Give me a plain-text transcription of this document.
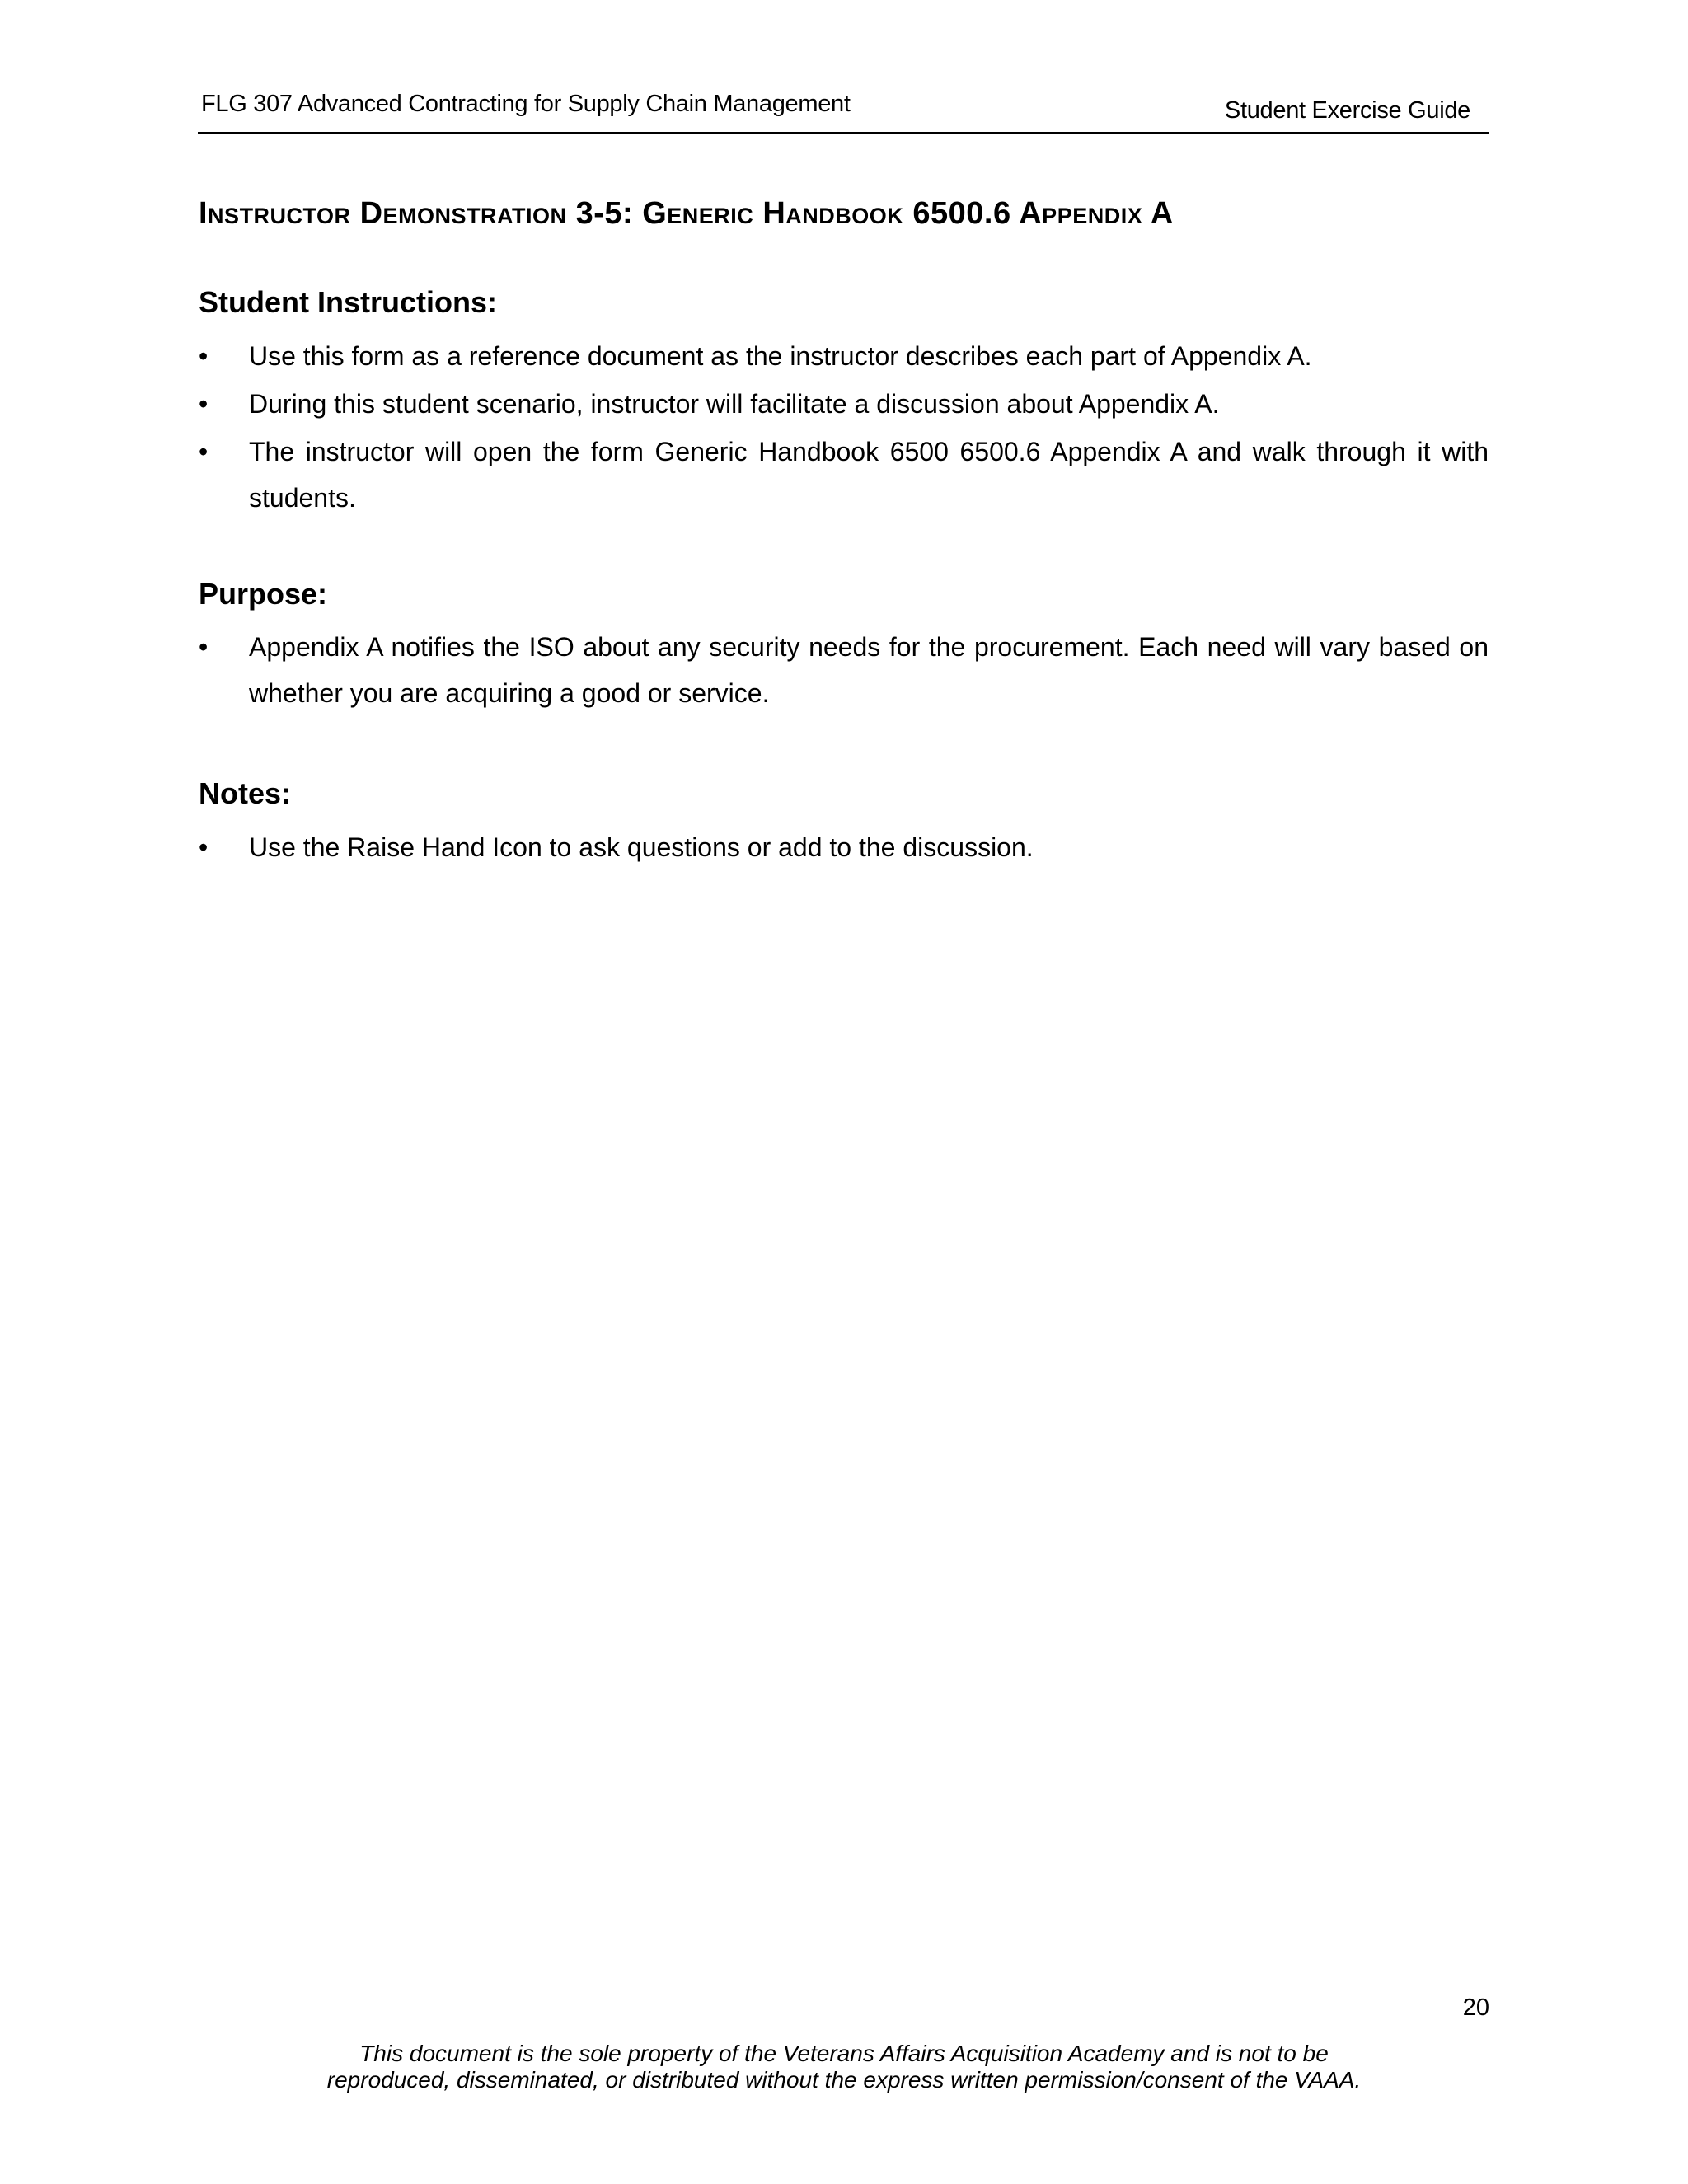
FLG 307 Advanced Contracting for Supply Chain Management	Student Exercise Guide
Instructor Demonstration 3-5: Generic Handbook 6500.6 Appendix A
Student Instructions:
• Use this form as a reference document as the instructor describes each part of Appendix A.
• During this student scenario, instructor will facilitate a discussion about Appendix A.
• The instructor will open the form Generic Handbook 6500 6500.6 Appendix A and walk through it with students.
Purpose:
• Appendix A notifies the ISO about any security needs for the procurement. Each need will vary based on whether you are acquiring a good or service.
Notes:
• Use the Raise Hand Icon to ask questions or add to the discussion.
20
This document is the sole property of the Veterans Affairs Acquisition Academy and is not to be
reproduced, disseminated, or distributed without the express written permission/consent of the VAAA.
